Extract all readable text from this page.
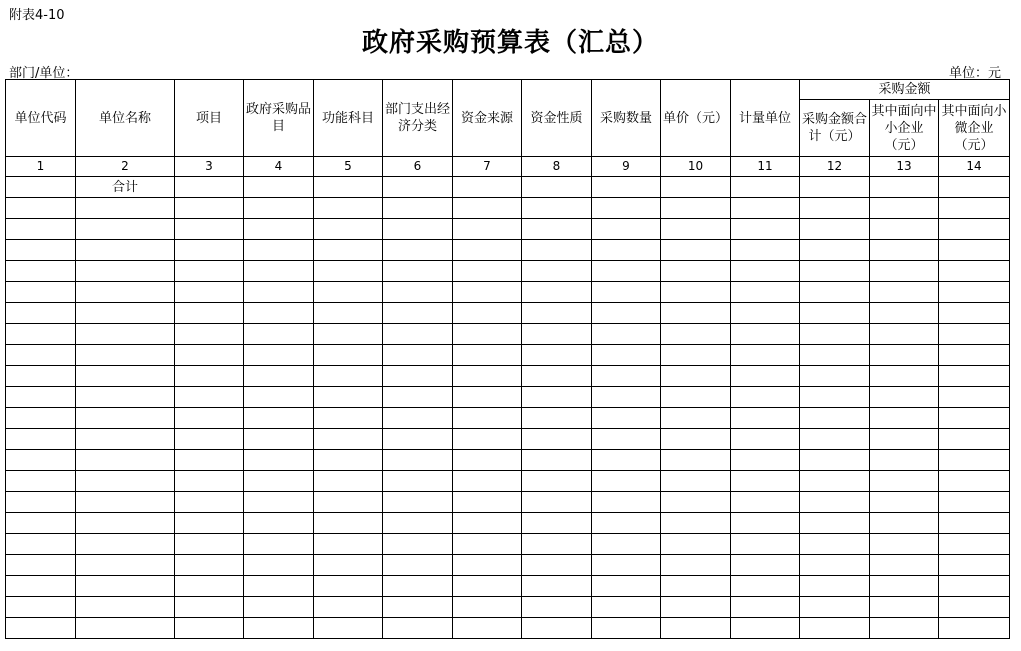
附表4-10
政府采购预算表（汇总）
部门/单位：	单位：元
单位代码	单位名称	项目	政府采购品目	功能科目	部门支出经济分类	资金来源	资金性质	采购数量	单价（元）	计量单位	采购金额		
											采购金额合计（元）	其中面向中小企业（元）	其中面向小微企业（元）
1	2	3	4	5	6	7	8	9	10	11	12	13	14
	合计												
